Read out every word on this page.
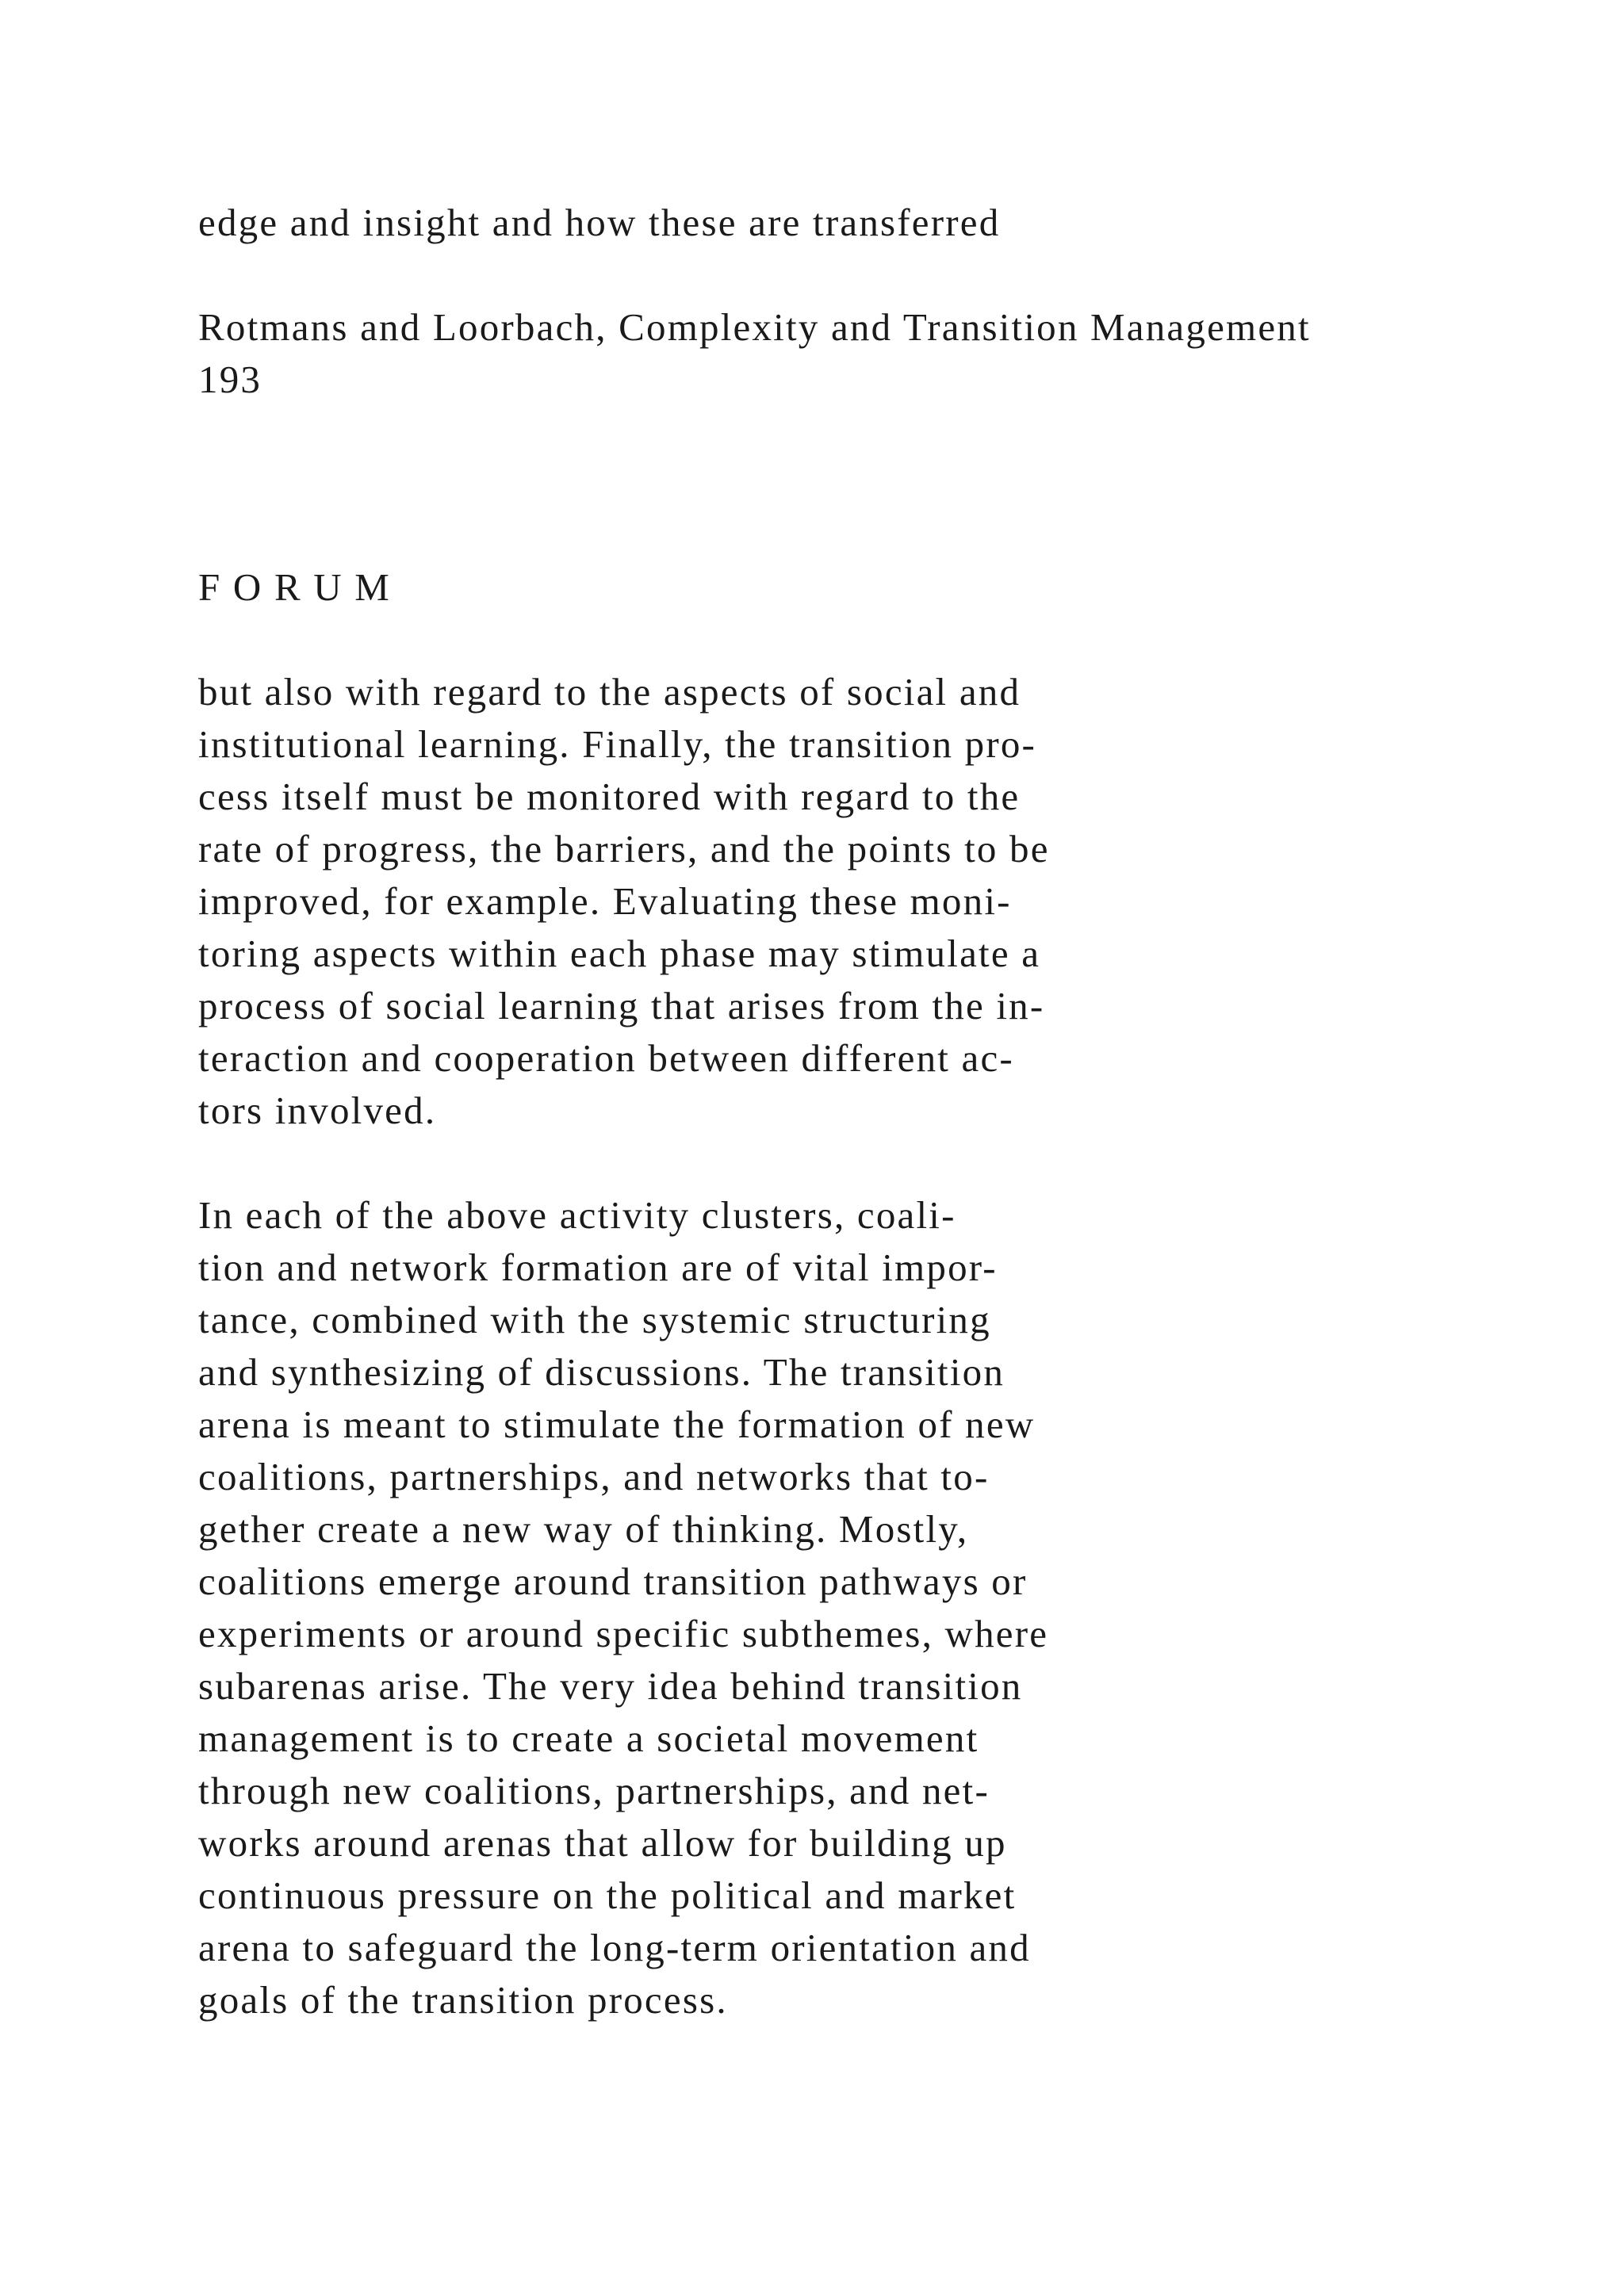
edge and insight and how these are transferred

Rotmans and Loorbach, Complexity and Transition Management

193

F O R U M

but also with regard to the aspects of social and

institutional learning. Finally, the transition pro-

cess itself must be monitored with regard to the

rate of progress, the barriers, and the points to be

improved, for example. Evaluating these moni-

toring aspects within each phase may stimulate a

process of social learning that arises from the in-

teraction and cooperation between different ac-

tors involved.

In each of the above activity clusters, coali-

tion and network formation are of vital impor-

tance, combined with the systemic structuring

and synthesizing of discussions. The transition

arena is meant to stimulate the formation of new

coalitions, partnerships, and networks that to-

gether create a new way of thinking. Mostly,

coalitions emerge around transition pathways or

experiments or around specific subthemes, where

subarenas arise. The very idea behind transition

management is to create a societal movement

through new coalitions, partnerships, and net-

works around arenas that allow for building up

continuous pressure on the political and market

arena to safeguard the long-term orientation and

goals of the transition process.
